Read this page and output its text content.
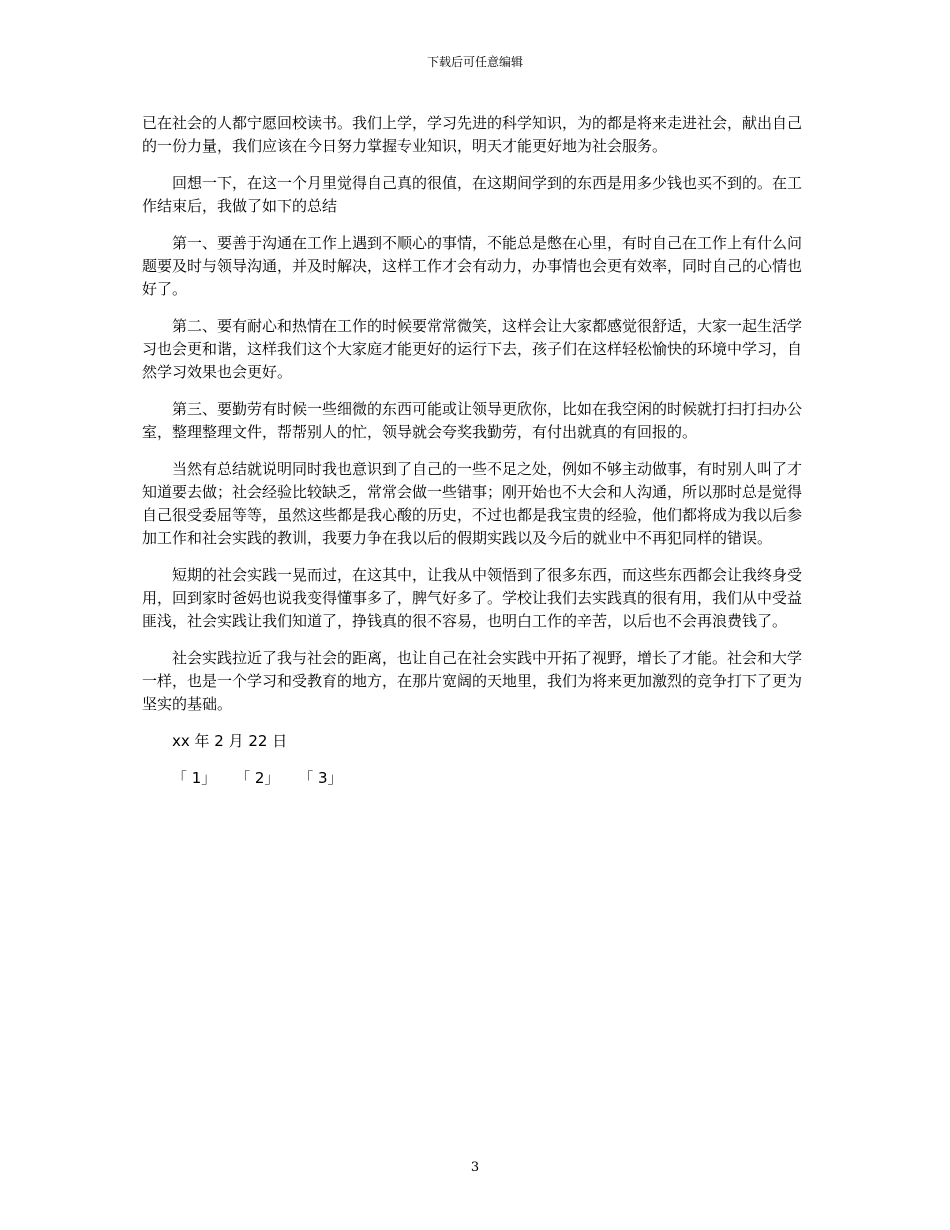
下载后可任意编辑

已在社会的人都宁愿回校读书。我们上学，学习先进的科学知识，为的都是将来走进社会，献出自己的一份力量，我们应该在今日努力掌握专业知识，明天才能更好地为社会服务。

回想一下，在这一个月里觉得自己真的很值，在这期间学到的东西是用多少钱也买不到的。在工作结束后，我做了如下的总结

第一、要善于沟通在工作上遇到不顺心的事情，不能总是憋在心里，有时自己在工作上有什么问题要及时与领导沟通，并及时解决，这样工作才会有动力，办事情也会更有效率，同时自己的心情也好了。

第二、要有耐心和热情在工作的时候要常常微笑，这样会让大家都感觉很舒适，大家一起生活学习也会更和谐，这样我们这个大家庭才能更好的运行下去，孩子们在这样轻松愉快的环境中学习，自然学习效果也会更好。

第三、要勤劳有时候一些细微的东西可能或让领导更欣你，比如在我空闲的时候就打扫打扫办公室，整理整理文件，帮帮别人的忙，领导就会夸奖我勤劳，有付出就真的有回报的。

当然有总结就说明同时我也意识到了自己的一些不足之处，例如不够主动做事，有时别人叫了才知道要去做；社会经验比较缺乏，常常会做一些错事；刚开始也不大会和人沟通，所以那时总是觉得自己很受委屈等等，虽然这些都是我心酸的历史，不过也都是我宝贵的经验，他们都将成为我以后参加工作和社会实践的教训，我要力争在我以后的假期实践以及今后的就业中不再犯同样的错误。

短期的社会实践一晃而过，在这其中，让我从中领悟到了很多东西，而这些东西都会让我终身受用，回到家时爸妈也说我变得懂事多了，脾气好多了。学校让我们去实践真的很有用，我们从中受益匪浅，社会实践让我们知道了，挣钱真的很不容易，也明白工作的辛苦，以后也不会再浪费钱了。

社会实践拉近了我与社会的距离，也让自己在社会实践中开拓了视野，增长了才能。社会和大学一样，也是一个学习和受教育的地方，在那片宽阔的天地里，我们为将来更加激烈的竞争打下了更为坚实的基础。

xx 年 2 月 22 日
「 1」 「 2」 「 3」
3
